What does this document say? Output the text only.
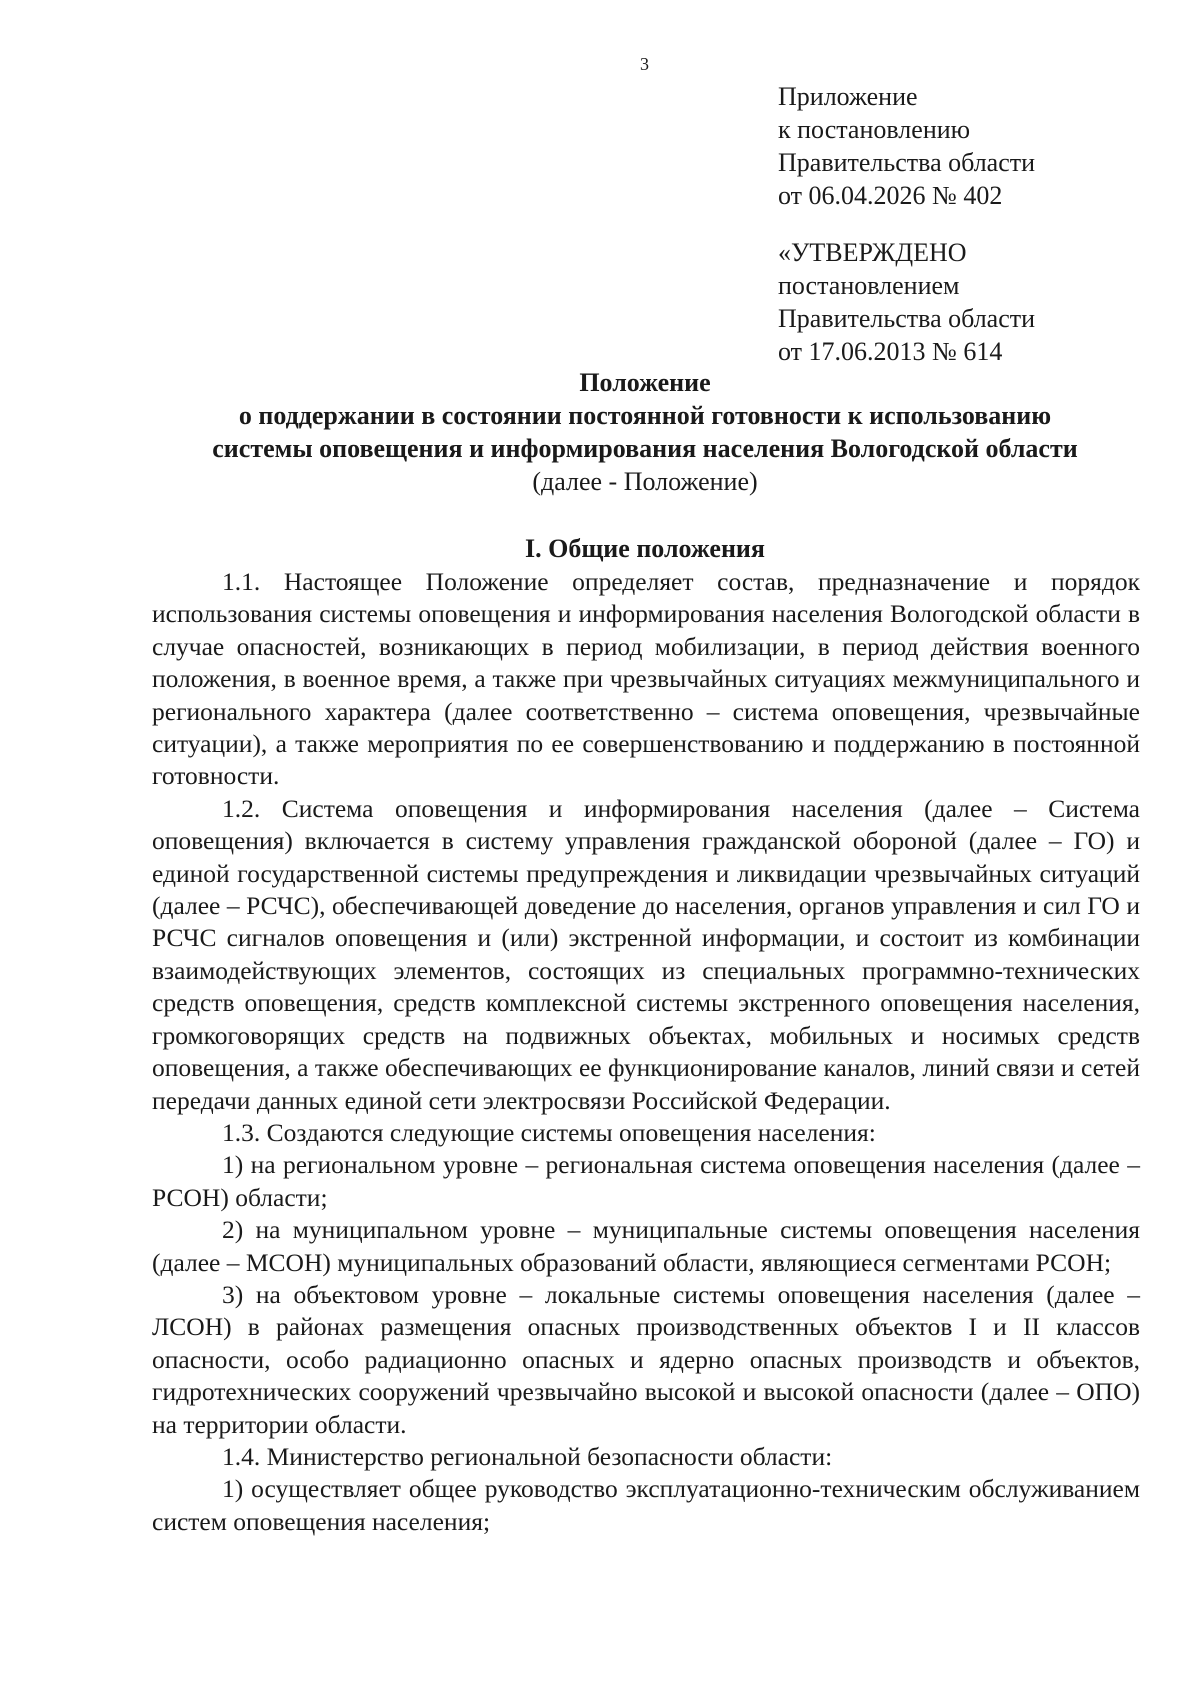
3
Приложение
к постановлению
Правительства области
от 06.04.2026 № 402
«УТВЕРЖДЕНО
постановлением
Правительства области
от 17.06.2013 № 614
Положение
о поддержании в состоянии постоянной готовности к использованию
системы оповещения и информирования населения Вологодской области
(далее - Положение)
I. Общие положения

1.1. Настоящее Положение определяет состав, предназначение и порядок использования системы оповещения и информирования населения Вологодской области в случае опасностей, возникающих в период мобилизации, в период действия военного положения, в военное время, а также при чрезвычайных ситуациях межмуниципального и регионального характера (далее соответственно – система оповещения, чрезвычайные ситуации), а также мероприятия по ее совершенствованию и поддержанию в постоянной готовности.

1.2. Система оповещения и информирования населения (далее – Система оповещения) включается в систему управления гражданской обороной (далее – ГО) и единой государственной системы предупреждения и ликвидации чрезвычайных ситуаций (далее – РСЧС), обеспечивающей доведение до населения, органов управления и сил ГО и РСЧС сигналов оповещения и (или) экстренной информации, и состоит из комбинации взаимодействующих элементов, состоящих из специальных программно-технических средств оповещения, средств комплексной системы экстренного оповещения населения, громкоговорящих средств на подвижных объектах, мобильных и носимых средств оповещения, а также обеспечивающих ее функционирование каналов, линий связи и сетей передачи данных единой сети электросвязи Российской Федерации.

1.3. Создаются следующие системы оповещения населения:

1) на региональном уровне – региональная система оповещения населения (далее – РСОН) области;

2) на муниципальном уровне – муниципальные системы оповещения населения (далее – МСОН) муниципальных образований области, являющиеся сегментами РСОН;

3) на объектовом уровне – локальные системы оповещения населения (далее – ЛСОН) в районах размещения опасных производственных объектов I и II классов опасности, особо радиационно опасных и ядерно опасных производств и объектов, гидротехнических сооружений чрезвычайно высокой и высокой опасности (далее – ОПО) на территории области.

1.4. Министерство региональной безопасности области:

1) осуществляет общее руководство эксплуатационно-техническим обслуживанием систем оповещения населения;
